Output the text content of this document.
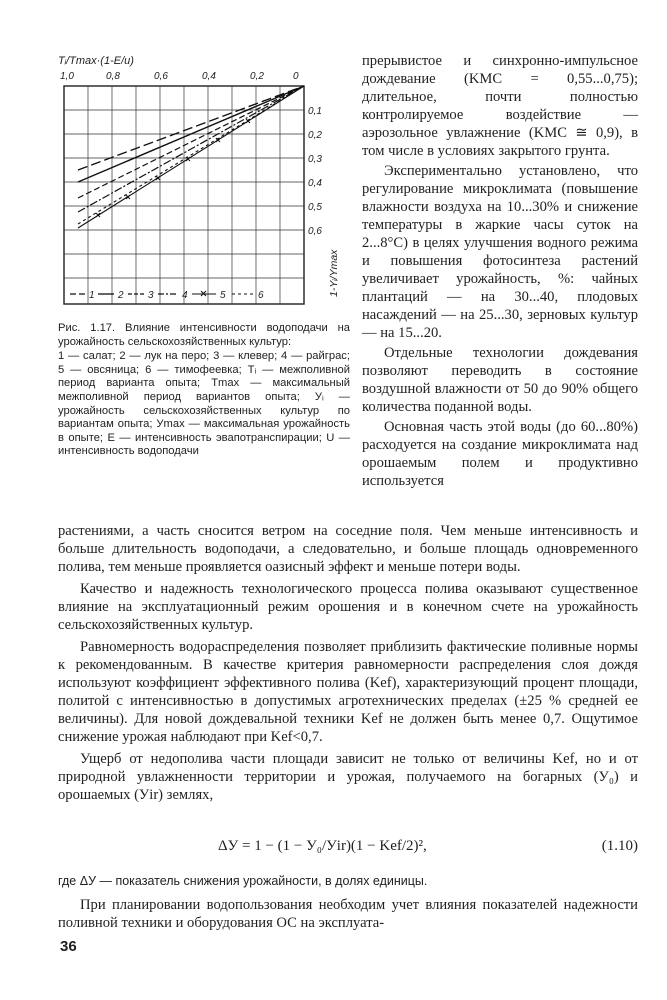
Tᵢ/Tmax·(1-E/u)
1,0	0,8	0,6	0,4	0,2	0
0,1
0,2
0,3
0,4
0,5
0,6
1-Yᵢ/Ymax
1 2 3	4	5	6
Рис. 1.17. Влияние интенсивности водоподачи на урожайность сельскохозяйственных культур:
1 — салат; 2 — лук на перо; 3 — клевер; 4 — райграс; 5 — овсяница; 6 — тимофеевка; Tᵢ — межполивной период варианта опыта; Tmax — максимальный межполивной период вариантов опыта; Уᵢ — урожайность сельскохозяйственных культур по вариантам опыта; Уmax — максимальная урожайность в опыте; E — интенсивность эвапотранспирации; U — интенсивность водоподачи

прерывистое и синхронно-импульсное дождевание (KMC = 0,55...0,75); длительное, почти полностью контролируемое воздействие — аэрозольное увлажнение (KMC ≅ 0,9), в том числе в условиях закрытого грунта.

Экспериментально установлено, что регулирование микроклимата (повышение влажности воздуха на 10...30% и снижение температуры в жаркие часы суток на 2...8°С) в целях улучшения водного режима и повышения фотосинтеза растений увеличивает урожайность, %: чайных плантаций — на 30...40, плодовых насаждений — на 25...30, зерновых культур — на 15...20.

Отдельные технологии дождевания позволяют переводить в состояние воздушной влажности от 50 до 90% общего количества поданной воды.

Основная часть этой воды (до 60...80%) расходуется на создание микроклимата над орошаемым полем и продуктивно используется

растениями, а часть сносится ветром на соседние поля. Чем меньше интенсивность и больше длительность водоподачи, а следовательно, и больше площадь одновременного полива, тем меньше проявляется оазисный эффект и меньше потери воды.

Качество и надежность технологического процесса полива оказывают существенное влияние на эксплуатационный режим орошения и в конечном счете на урожайность сельскохозяйственных культур.

Равномерность водораспределения позволяет приблизить фактические поливные нормы к рекомендованным. В качестве критерия равномерности распределения слоя дождя используют коэффициент эффективного полива (Kef), характеризующий процент площади, политой с интенсивностью в допустимых агротехнических пределах (±25 % средней ее величины). Для новой дождевальной техники Kef не должен быть менее 0,7. Ощутимое снижение урожая наблюдают при Kef<0,7.

Ущерб от недополива части площади зависит не только от величины Kef, но и от природной увлажненности территории и урожая, получаемого на богарных (У₀) и орошаемых (Уir) землях,

ΔУ = 1 − (1 − У₀/Уir)(1 − Kef/2)²,	(1.10)

где ΔУ — показатель снижения урожайности, в долях единицы.

При планировании водопользования необходим учет влияния показателей надежности поливной техники и оборудования ОС на эксплуата-

36
